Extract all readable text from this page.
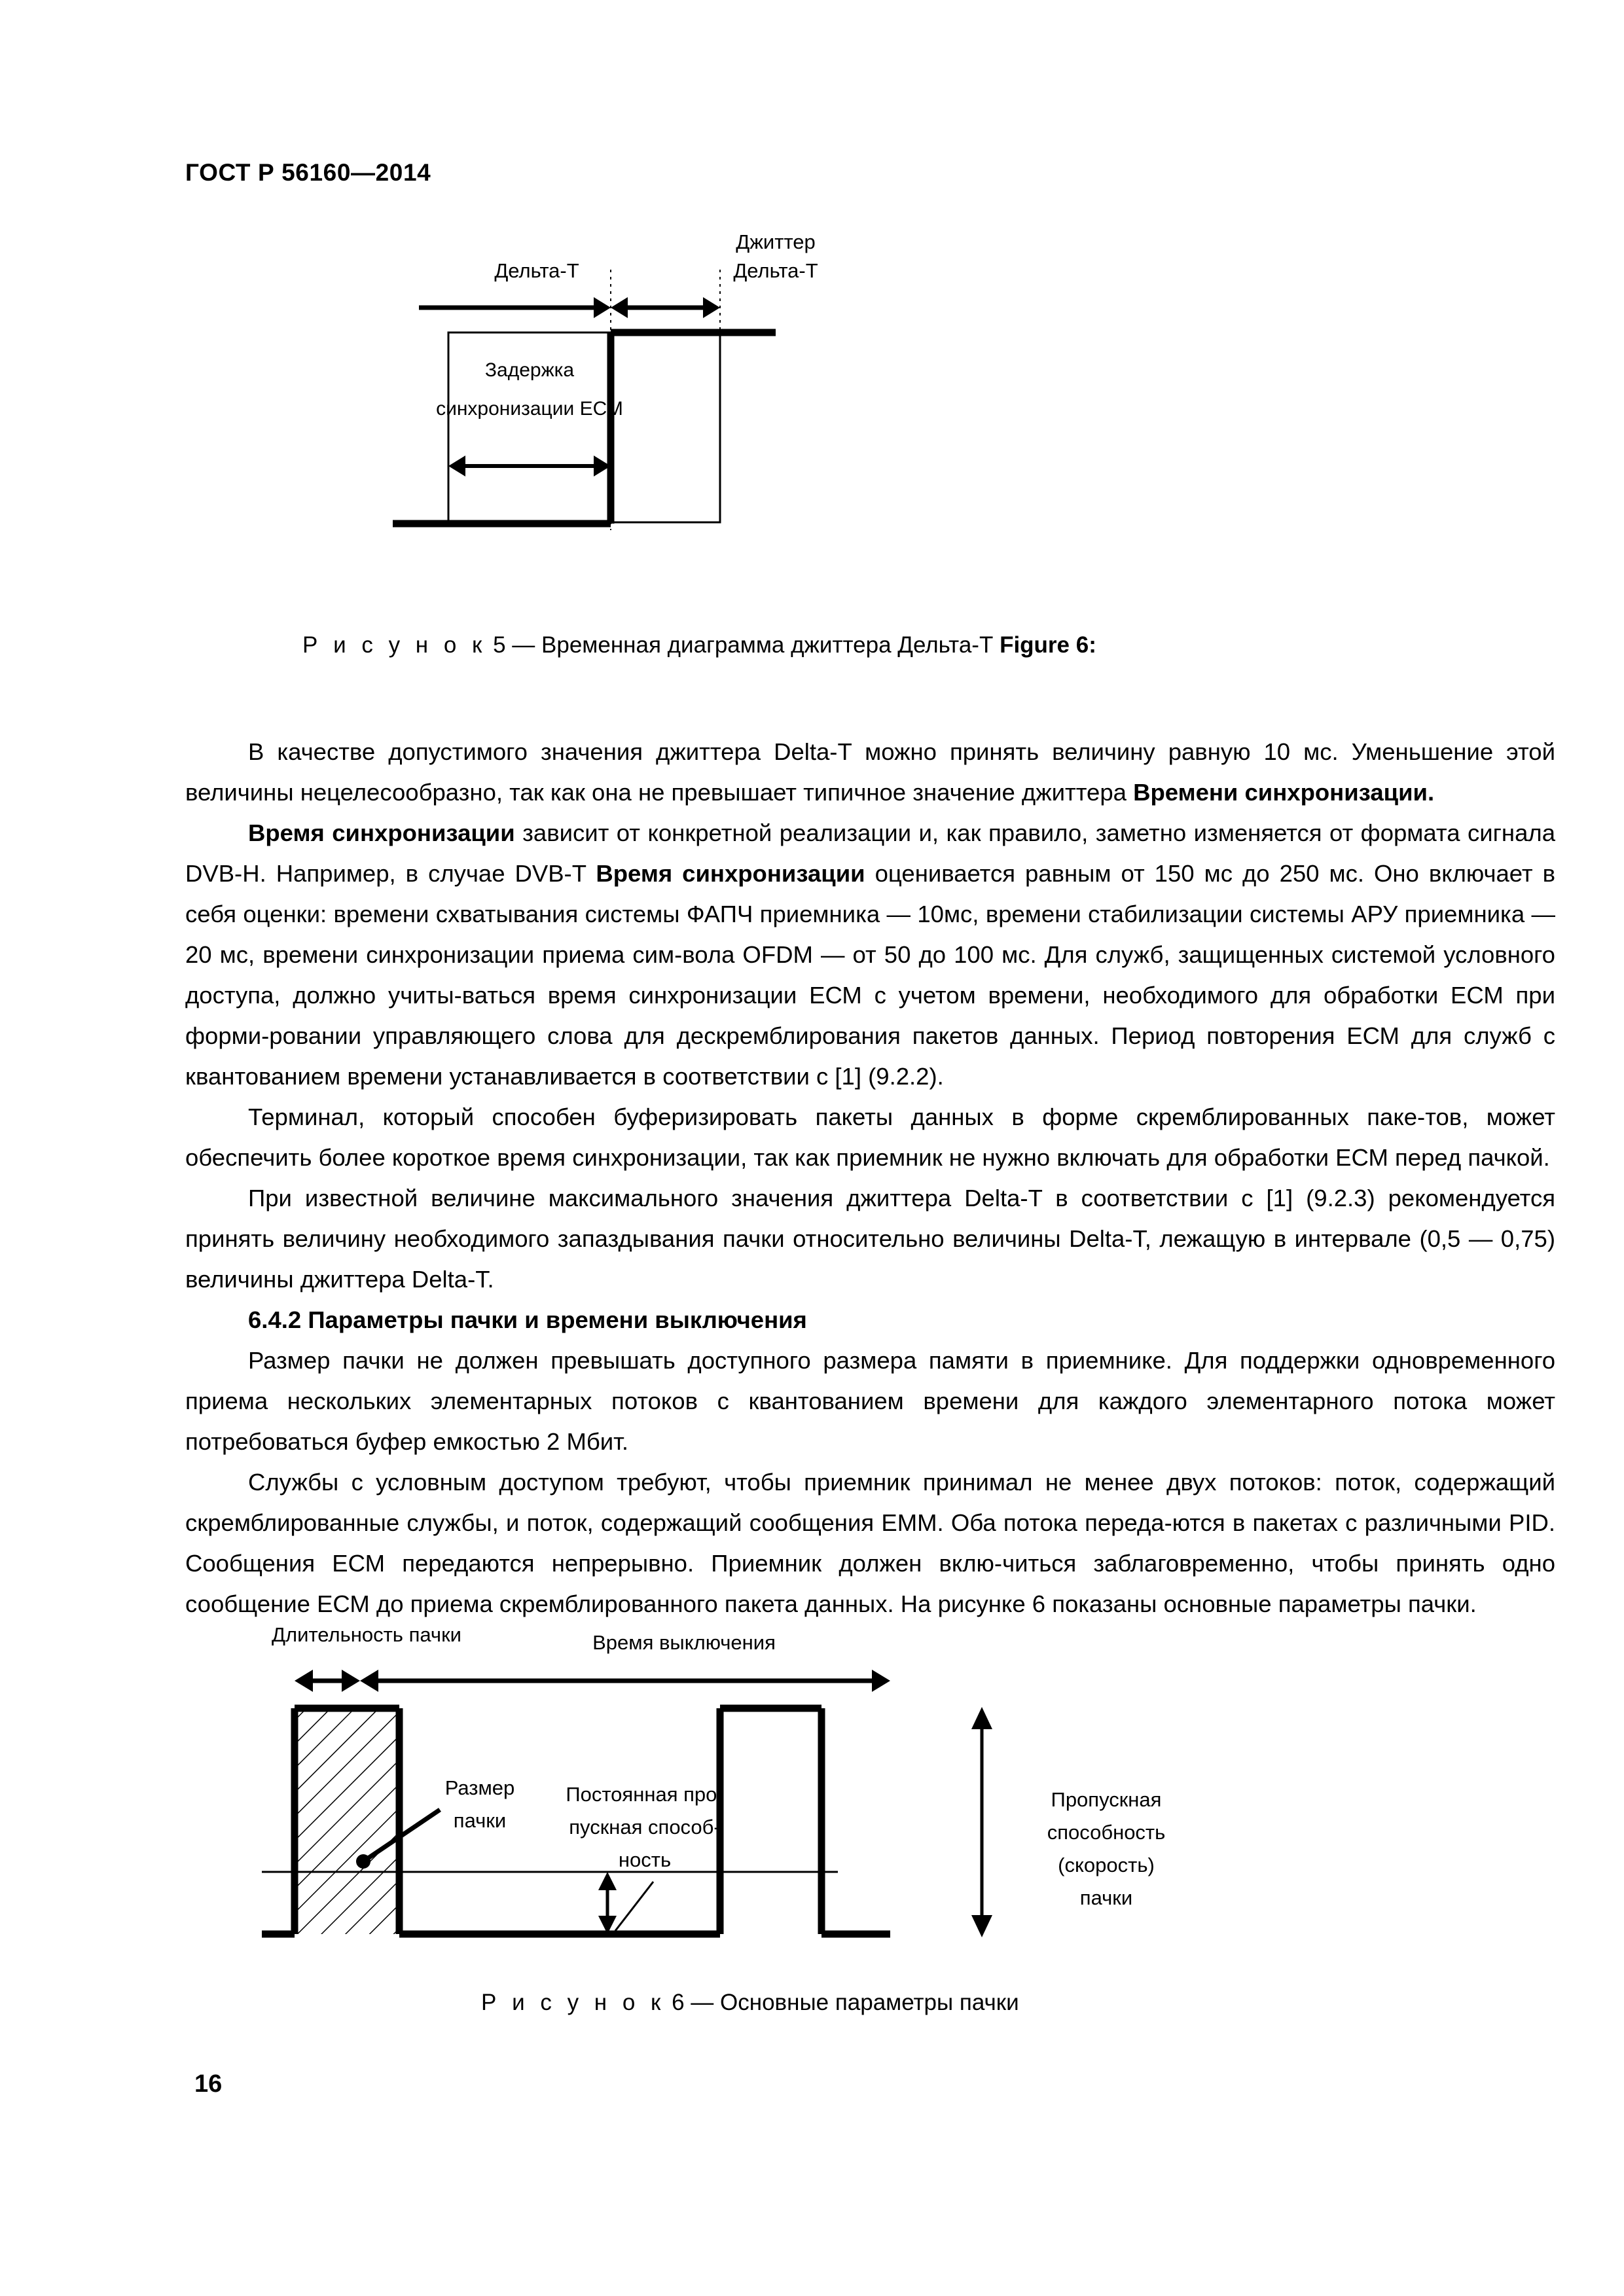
ГОСТ Р 56160—2014
Джиттер
Дельта-Т
Дельта-Т
Задержка
синхронизации ЕСМ
Р и с у н о к 5 — Временная диаграмма джиттера Дельта-Т Figure 6:

В качестве допустимого значения джиттера Delta-T можно принять величину равную 10 мс. Уменьшение этой величины нецелесообразно, так как она не превышает типичное значение джиттера Времени синхронизации.

Время синхронизации зависит от конкретной реализации и, как правило, заметно изменяется от формата сигнала DVB-H. Например, в случае DVB-T Время синхронизации оценивается равным от 150 мс до 250 мс. Оно включает в себя оценки: времени схватывания системы ФАПЧ приемника — 10мс, времени стабилизации системы АРУ приемника — 20 мс, времени синхронизации приема сим-вола OFDM — от 50 до 100 мс. Для служб, защищенных системой условного доступа, должно учиты-ваться время синхронизации ЕСМ с учетом времени, необходимого для обработки ЕСМ при форми-ровании управляющего слова для дескремблирования пакетов данных. Период повторения ЕСМ для служб с квантованием времени устанавливается в соответствии с [1] (9.2.2).

Терминал, который способен буферизировать пакеты данных в форме скремблированных паке-тов, может обеспечить более короткое время синхронизации, так как приемник не нужно включать для обработки ЕСМ перед пачкой.

При известной величине максимального значения джиттера Delta-T в соответствии с [1] (9.2.3) рекомендуется принять величину необходимого запаздывания пачки относительно величины Delta-T, лежащую в интервале (0,5 — 0,75) величины джиттера Delta-T.

6.4.2 Параметры пачки и времени выключения

Размер пачки не должен превышать доступного размера памяти в приемнике. Для поддержки одновременного приема нескольких элементарных потоков с квантованием времени для каждого элементарного потока может потребоваться буфер емкостью 2 Мбит.

Службы с условным доступом требуют, чтобы приемник принимал не менее двух потоков: поток, содержащий скремблированные службы, и поток, содержащий сообщения ЕММ. Оба потока переда-ются в пакетах с различными PID. Сообщения ЕСМ передаются непрерывно. Приемник должен вклю-читься заблаговременно, чтобы принять одно сообщение ЕСМ до приема скремблированного пакета данных. На рисунке 6 показаны основные параметры пачки.

Длительность пачки	Время выключения
Размер
пачки
Постоянная про-
пускная способ-
ность
Пропускная
способность
(скорость)
пачки
Р и с у н о к 6 — Основные параметры пачки
16
